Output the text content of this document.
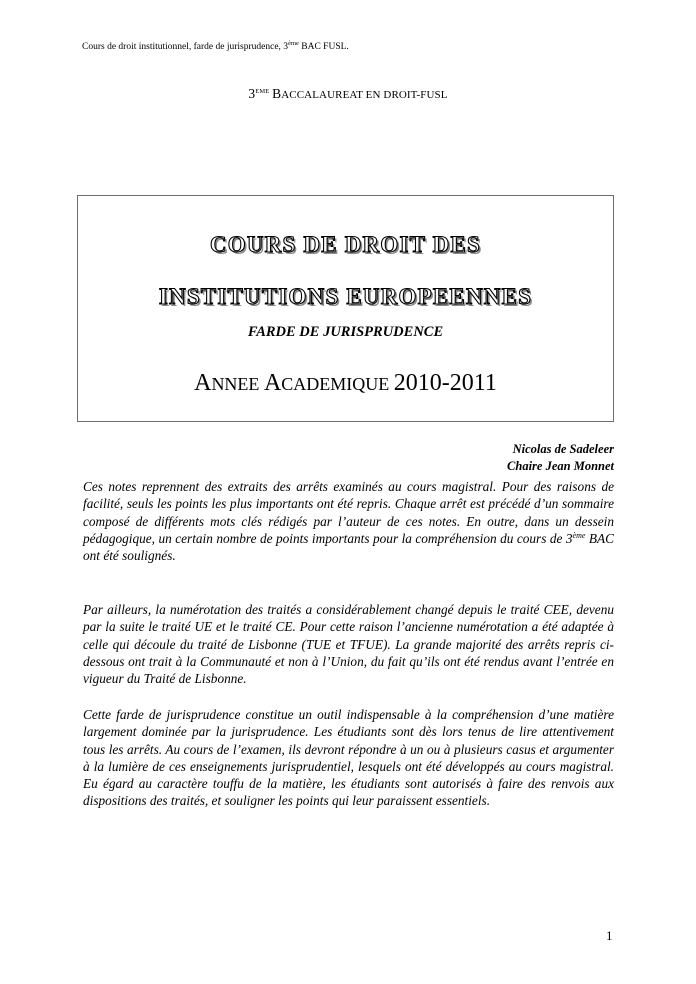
Cours de droit institutionnel, farde de jurisprudence, 3ème BAC FUSL.
3EME BACCALAUREAT EN DROIT-FUSL
COURS DE DROIT DES
INSTITUTIONS EUROPEENNES
FARDE DE JURISPRUDENCE
ANNEE ACADEMIQUE 2010-2011
Nicolas de Sadeleer
Chaire Jean Monnet

Ces notes reprennent des extraits des arrêts examinés au cours magistral. Pour des raisons de facilité, seuls les points les plus importants ont été repris. Chaque arrêt est précédé d’un sommaire composé de différents mots clés rédigés par l’auteur de ces notes. En outre, dans un dessein pédagogique, un certain nombre de points importants pour la compréhension du cours de 3ème BAC ont été soulignés.

Par ailleurs, la numérotation des traités a considérablement changé depuis le traité CEE, devenu par la suite le traité UE et le traité CE. Pour cette raison l’ancienne numérotation a été adaptée à celle qui découle du traité de Lisbonne (TUE et TFUE). La grande majorité des arrêts repris ci-dessous ont trait à la Communauté et non à l’Union, du fait qu’ils ont été rendus avant l’entrée en vigueur du Traité de Lisbonne.

Cette farde de jurisprudence constitue un outil indispensable à la compréhension d’une matière largement dominée par la jurisprudence. Les étudiants sont dès lors tenus de lire attentivement tous les arrêts. Au cours de l’examen, ils devront répondre à un ou à plusieurs casus et argumenter à la lumière de ces enseignements jurisprudentiel, lesquels ont été développés au cours magistral. Eu égard au caractère touffu de la matière, les étudiants sont autorisés à faire des renvois aux dispositions des traités, et souligner les points qui leur paraissent essentiels.

1
